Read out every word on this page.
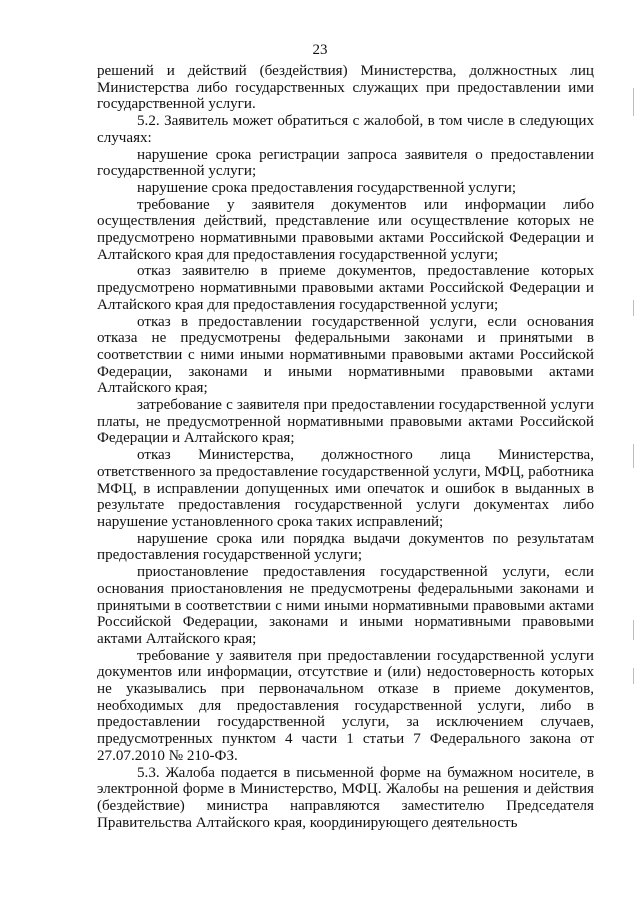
23

решений и действий (бездействия) Министерства, должностных лиц Министерства либо государственных служащих при предоставлении ими государственной услуги.

5.2. Заявитель может обратиться с жалобой, в том числе в следующих случаях:

нарушение срока регистрации запроса заявителя о предоставлении государственной услуги;

нарушение срока предоставления государственной услуги;

требование у заявителя документов или информации либо осуществления действий, представление или осуществление которых не предусмотрено нормативными правовыми актами Российской Федерации и Алтайского края для предоставления государственной услуги;

отказ заявителю в приеме документов, предоставление которых предусмотрено нормативными правовыми актами Российской Федерации и Алтайского края для предоставления государственной услуги;

отказ в предоставлении государственной услуги, если основания отказа не предусмотрены федеральными законами и принятыми в соответствии с ними иными нормативными правовыми актами Российской Федерации, законами и иными нормативными правовыми актами Алтайского края;

затребование с заявителя при предоставлении государственной услуги платы, не предусмотренной нормативными правовыми актами Российской Федерации и Алтайского края;

отказ Министерства, должностного лица Министерства, ответственного за предоставление государственной услуги, МФЦ, работника МФЦ, в исправлении допущенных ими опечаток и ошибок в выданных в результате предоставления государственной услуги документах либо нарушение установленного срока таких исправлений;

нарушение срока или порядка выдачи документов по результатам предоставления государственной услуги;

приостановление предоставления государственной услуги, если основания приостановления не предусмотрены федеральными законами и принятыми в соответствии с ними иными нормативными правовыми актами Российской Федерации, законами и иными нормативными правовыми актами Алтайского края;

требование у заявителя при предоставлении государственной услуги документов или информации, отсутствие и (или) недостоверность которых не указывались при первоначальном отказе в приеме документов, необходимых для предоставления государственной услуги, либо в предоставлении государственной услуги, за исключением случаев, предусмотренных пунктом 4 части 1 статьи 7 Федерального закона от 27.07.2010 № 210-ФЗ.

5.3. Жалоба подается в письменной форме на бумажном носителе, в электронной форме в Министерство, МФЦ. Жалобы на решения и действия (бездействие) министра направляются заместителю Председателя Правительства Алтайского края, координирующего деятельность
